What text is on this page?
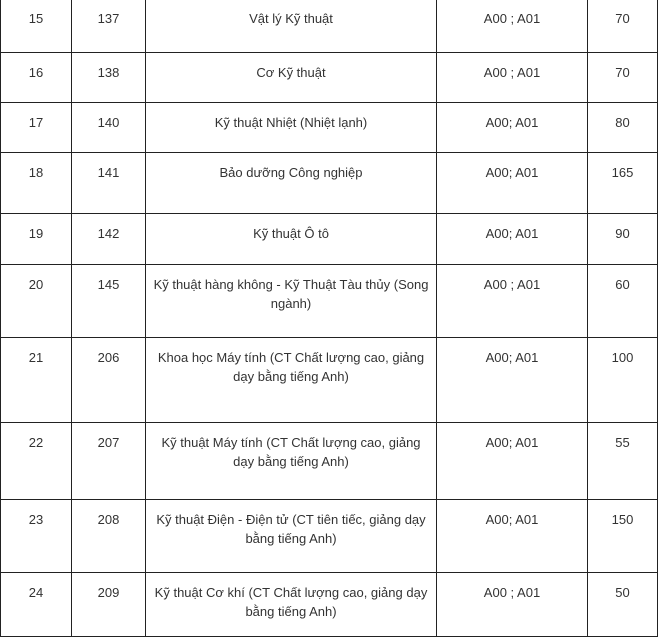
15	137	Vật lý Kỹ thuật	A00 ; A01	70
16	138	Cơ Kỹ thuật	A00 ; A01	70
17	140	Kỹ thuật Nhiệt (Nhiệt lạnh)	A00; A01	80
18	141	Bảo dưỡng Công nghiệp	A00; A01	165
19	142	Kỹ thuật Ô tô	A00; A01	90
20	145	Kỹ thuật hàng không - Kỹ Thuật Tàu thủy (Song ngành)	A00 ; A01	60
21	206	Khoa học Máy tính (CT Chất lượng cao, giảng dạy bằng tiếng Anh)	A00; A01	100
22	207	Kỹ thuật Máy tính (CT Chất lượng cao, giảng dạy bằng tiếng Anh)	A00; A01	55
23	208	Kỹ thuật Điện - Điện tử (CT tiên tiếc, giảng dạy bằng tiếng Anh)	A00; A01	150
24	209	Kỹ thuật Cơ khí (CT Chất lượng cao, giảng dạy bằng tiếng Anh)	A00 ; A01	50
